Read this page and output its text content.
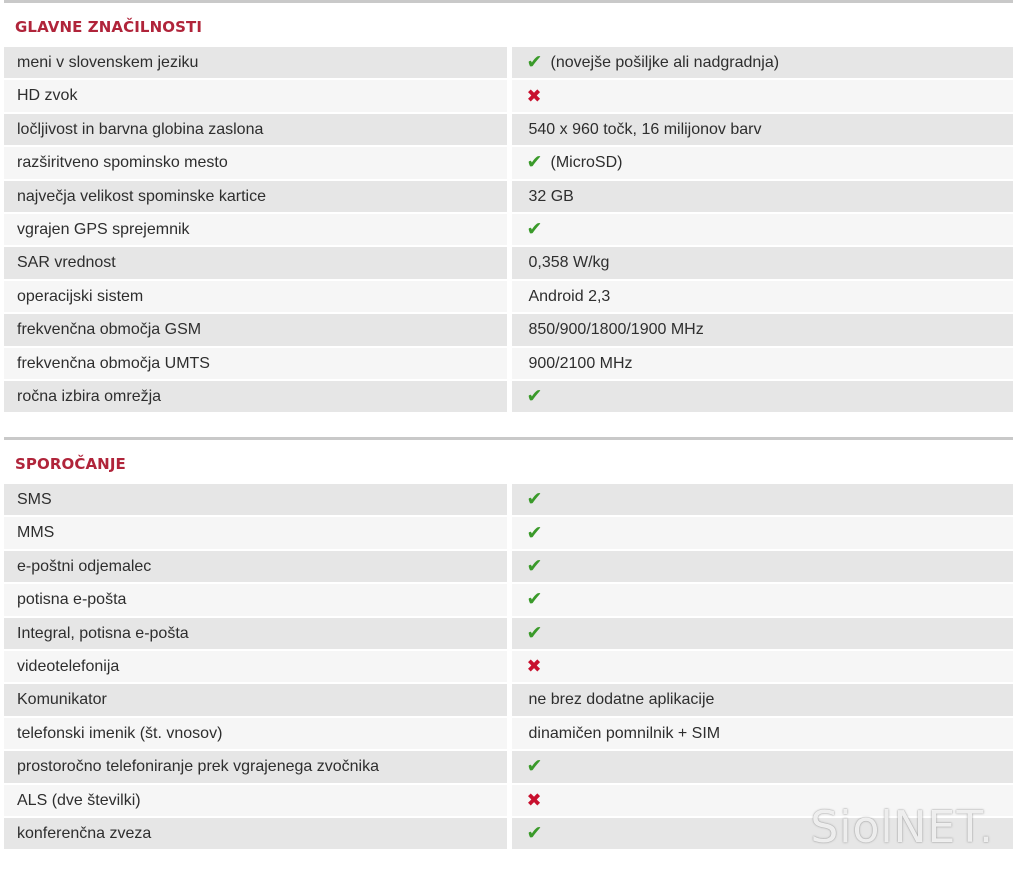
GLAVNE ZNAČILNOSTI
meni v slovenskem jeziku	✔ (novejše pošiljke ali nadgradnja)
HD zvok	✖
ločljivost in barvna globina zaslona	540 x 960 točk, 16 milijonov barv
razširitveno spominsko mesto	✔ (MicroSD)
največja velikost spominske kartice	32 GB
vgrajen GPS sprejemnik	✔
SAR vrednost	0,358 W/kg
operacijski sistem	Android 2,3
frekvenčna območja GSM	850/900/1800/1900 MHz
frekvenčna območja UMTS	900/2100 MHz
ročna izbira omrežja	✔
SPOROČANJE
SMS	✔
MMS	✔
e-poštni odjemalec	✔
potisna e-pošta	✔
Integral, potisna e-pošta	✔
videotelefonija	✖
Komunikator	ne brez dodatne aplikacije
telefonski imenik (št. vnosov)	dinamičen pomnilnik + SIM
prostoročno telefoniranje prek vgrajenega zvočnika	✔
ALS (dve številki)	✖
konferenčna zveza	✔	SiolNET.
